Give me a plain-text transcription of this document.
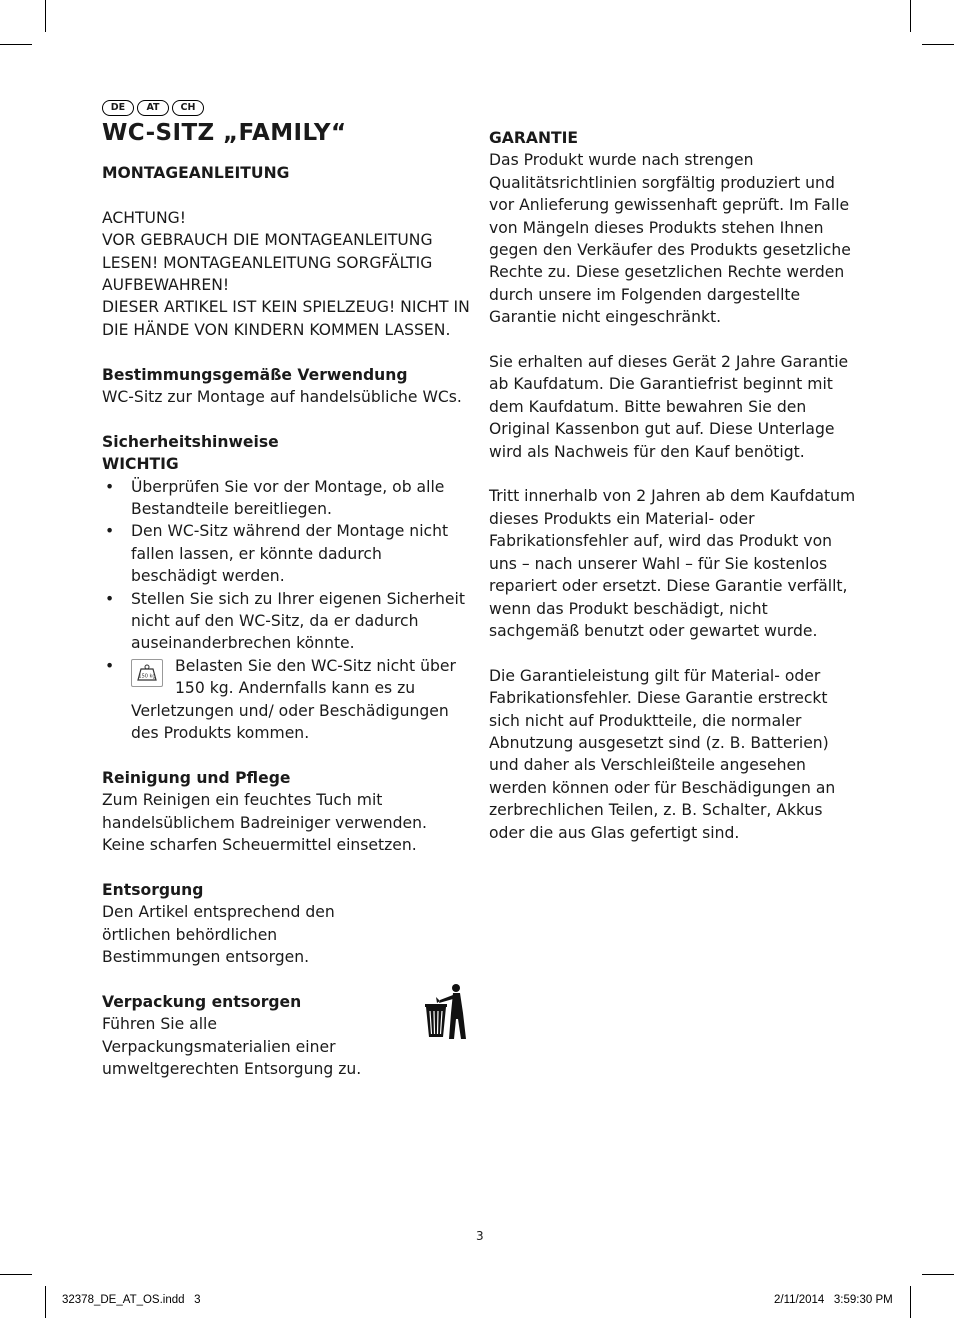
DE	AT	CH
WC-SITZ „FAMILY“

MONTAGEANLEITUNG

ACHTUNG!

VOR GEBRAUCH DIE MONTAGEANLEITUNG LESEN! MONTAGEANLEITUNG SORGFÄLTIG AUFBEWAHREN!

DIESER ARTIKEL IST KEIN SPIELZEUG! NICHT IN DIE HÄNDE VON KINDERN KOMMEN LASSEN.

Bestimmungsgemäße Verwendung

WC-Sitz zur Montage auf handelsübliche WCs.

Sicherheitshinweise

WICHTIG

• Überprüfen Sie vor der Montage, ob alle Bestandteile bereitliegen.
• Den WC-Sitz während der Montage nicht fallen lassen, er könnte dadurch beschädigt werden.
• Stellen Sie sich zu Ihrer eigenen Sicherheit nicht auf den WC-Sitz, da er dadurch auseinanderbrechen könnte.
• 150 kg
Belasten Sie den WC-Sitz nicht über
150 kg. Andernfalls kann es zu
Verletzungen und/ oder Beschädigungen des Produkts kommen.

Reinigung und Pflege

Zum Reinigen ein feuchtes Tuch mit handelsüblichem Badreiniger verwenden. Keine scharfen Scheuermittel einsetzen.

Entsorgung

Den Artikel entsprechend den örtlichen behördlichen Bestimmungen entsorgen.

Verpackung entsorgen

Führen Sie alle Verpackungsmaterialien einer umweltgerechten Entsorgung zu.

GARANTIE

Das Produkt wurde nach strengen Qualitätsrichtlinien sorgfältig produziert und vor Anlieferung gewissenhaft geprüft. Im Falle von Mängeln dieses Produkts stehen Ihnen gegen den Verkäufer des Produkts gesetzliche Rechte zu. Diese gesetzlichen Rechte werden durch unsere im Folgenden dargestellte Garantie nicht eingeschränkt.

Sie erhalten auf dieses Gerät 2 Jahre Garantie ab Kaufdatum. Die Garantiefrist beginnt mit dem Kaufdatum. Bitte bewahren Sie den Original Kassenbon gut auf. Diese Unterlage wird als Nachweis für den Kauf benötigt.

Tritt innerhalb von 2 Jahren ab dem Kaufdatum dieses Produkts ein Material- oder Fabrikationsfehler auf, wird das Produkt von uns – nach unserer Wahl – für Sie kostenlos repariert oder ersetzt. Diese Garantie verfällt, wenn das Produkt beschädigt, nicht sachgemäß benutzt oder gewartet wurde.

Die Garantieleistung gilt für Material- oder Fabrikationsfehler. Diese Garantie erstreckt sich nicht auf Produktteile, die normaler Abnutzung ausgesetzt sind (z. B. Batterien) und daher als Verschleißteile angesehen werden können oder für Beschädigungen an zerbrechlichen Teilen, z. B. Schalter, Akkus oder die aus Glas gefertigt sind.

3
32378_DE_AT_OS.indd   3	2/11/2014   3:59:30 PM
